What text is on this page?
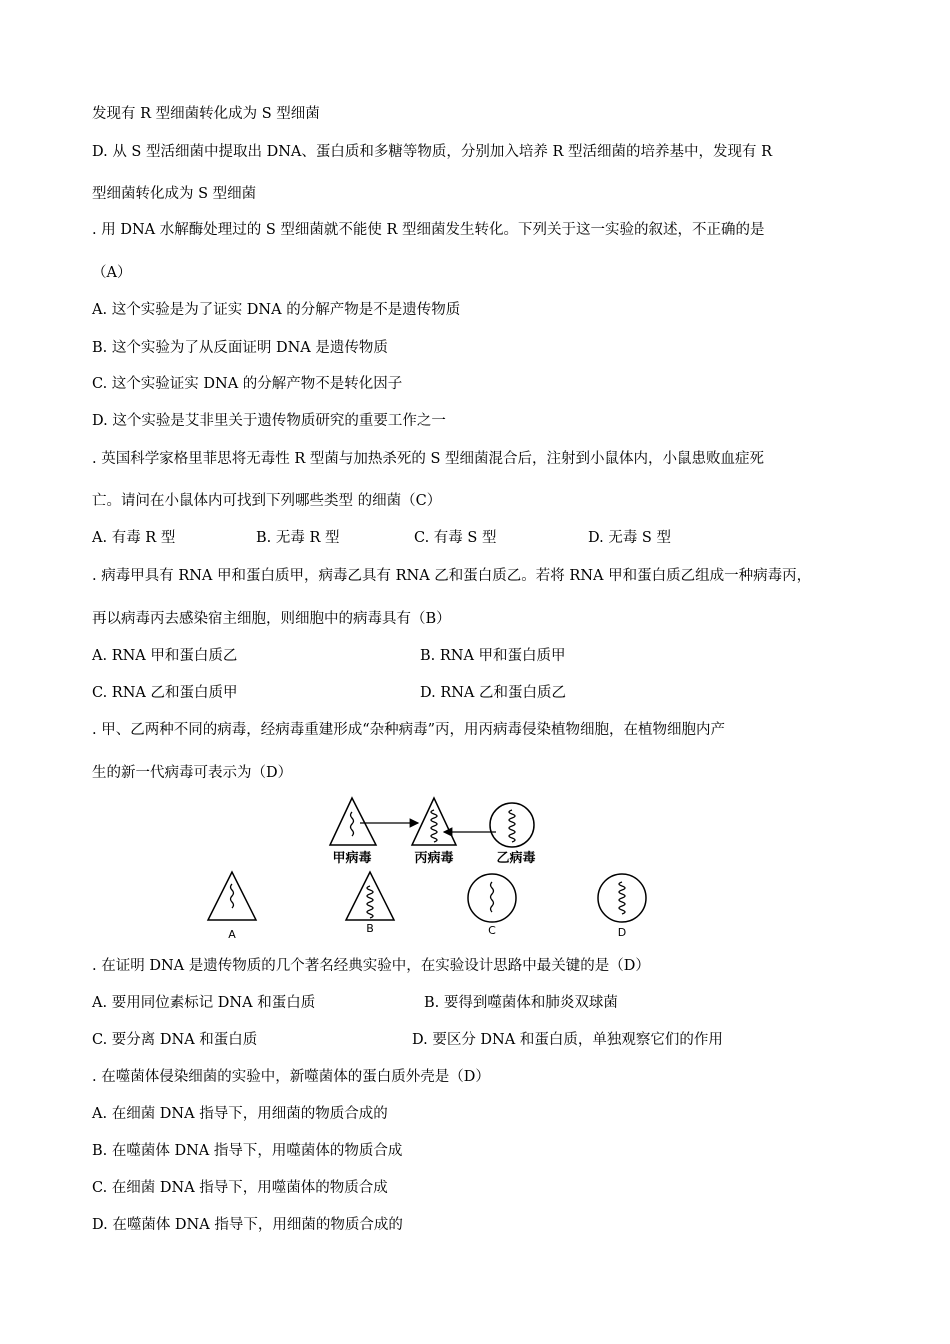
发现有 R 型细菌转化成为 S 型细菌
D. 从 S 型活细菌中提取出 DNA、蛋白质和多糖等物质，分别加入培养 R 型活细菌的培养基中，发现有 R
型细菌转化成为 S 型细菌
. 用 DNA 水解酶处理过的 S 型细菌就不能使 R 型细菌发生转化。下列关于这一实验的叙述，不正确的是
（A）
A. 这个实验是为了证实 DNA 的分解产物是不是遗传物质
B. 这个实验为了从反面证明 DNA 是遗传物质
C. 这个实验证实 DNA 的分解产物不是转化因子
D. 这个实验是艾非里关于遗传物质研究的重要工作之一
. 英国科学家格里菲思将无毒性 R 型菌与加热杀死的 S 型细菌混合后，注射到小鼠体内，小鼠患败血症死
亡。请问在小鼠体内可找到下列哪些类型 的细菌（C）
A. 有毒 R 型	B. 无毒 R 型	C. 有毒 S 型	D. 无毒 S 型
. 病毒甲具有 RNA 甲和蛋白质甲，病毒乙具有 RNA 乙和蛋白质乙。若将 RNA 甲和蛋白质乙组成一种病毒丙，
再以病毒丙去感染宿主细胞，则细胞中的病毒具有（B）
A. RNA 甲和蛋白质乙	B. RNA 甲和蛋白质甲
C. RNA 乙和蛋白质甲	D. RNA 乙和蛋白质乙
. 甲、乙两种不同的病毒，经病毒重建形成“杂种病毒”丙，用丙病毒侵染植物细胞，在植物细胞内产
生的新一代病毒可表示为（D）
甲病毒	丙病毒	乙病毒
A	B	C	D
. 在证明 DNA 是遗传物质的几个著名经典实验中，在实验设计思路中最关键的是（D）
A. 要用同位素标记 DNA 和蛋白质	B. 要得到噬菌体和肺炎双球菌
C. 要分离 DNA 和蛋白质	D. 要区分 DNA 和蛋白质，单独观察它们的作用
. 在噬菌体侵染细菌的实验中，新噬菌体的蛋白质外壳是（D）
A. 在细菌 DNA 指导下，用细菌的物质合成的
B. 在噬菌体 DNA 指导下，用噬菌体的物质合成
C. 在细菌 DNA 指导下，用噬菌体的物质合成
D. 在噬菌体 DNA 指导下，用细菌的物质合成的
